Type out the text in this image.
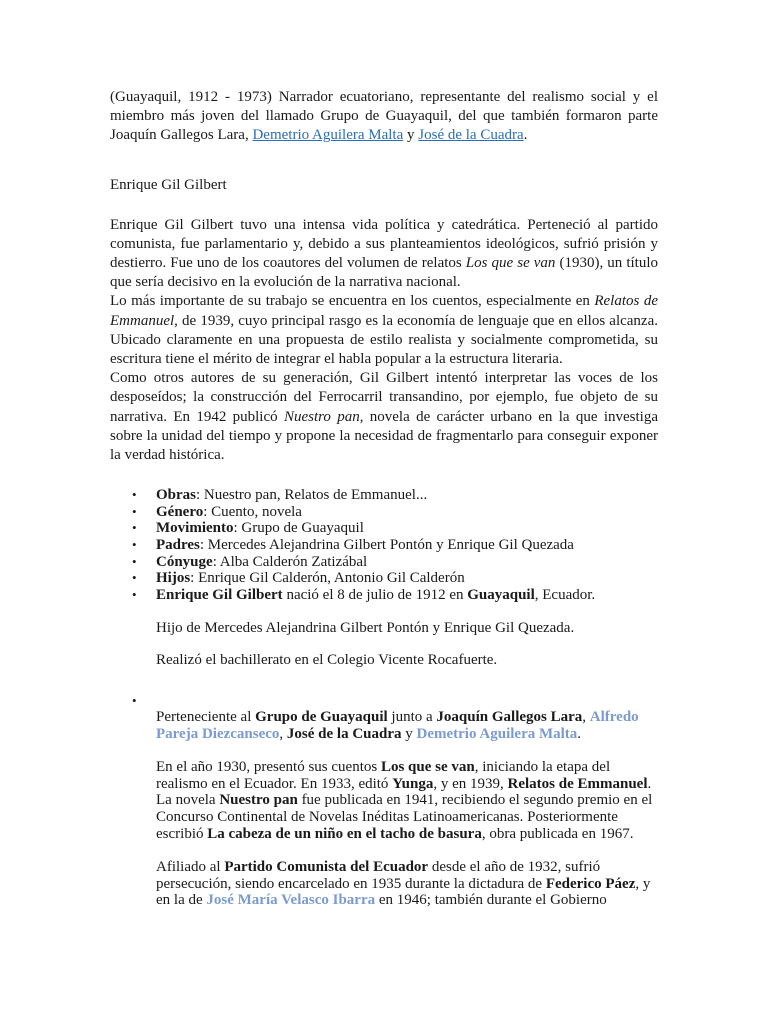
(Guayaquil, 1912 - 1973) Narrador ecuatoriano, representante del realismo social y el miembro más joven del llamado Grupo de Guayaquil, del que también formaron parte Joaquín Gallegos Lara, Demetrio Aguilera Malta y José de la Cuadra.

Enrique Gil Gilbert

Enrique Gil Gilbert tuvo una intensa vida política y catedrática. Perteneció al partido comunista, fue parlamentario y, debido a sus planteamientos ideológicos, sufrió prisión y destierro. Fue uno de los coautores del volumen de relatos Los que se van (1930), un título que sería decisivo en la evolución de la narrativa nacional.

Lo más importante de su trabajo se encuentra en los cuentos, especialmente en Relatos de Emmanuel, de 1939, cuyo principal rasgo es la economía de lenguaje que en ellos alcanza. Ubicado claramente en una propuesta de estilo realista y socialmente comprometida, su escritura tiene el mérito de integrar el habla popular a la estructura literaria.

Como otros autores de su generación, Gil Gilbert intentó interpretar las voces de los desposeídos; la construcción del Ferrocarril transandino, por ejemplo, fue objeto de su narrativa. En 1942 publicó Nuestro pan, novela de carácter urbano en la que investiga sobre la unidad del tiempo y propone la necesidad de fragmentarlo para conseguir exponer la verdad histórica.

• Obras: Nuestro pan, Relatos de Emmanuel...
• Género: Cuento, novela
• Movimiento: Grupo de Guayaquil
• Padres: Mercedes Alejandrina Gilbert Pontón y Enrique Gil Quezada
• Cónyuge: Alba Calderón Zatizábal
• Hijos: Enrique Gil Calderón, Antonio Gil Calderón
• Enrique Gil Gilbert nació el 8 de julio de 1912 en Guayaquil, Ecuador.

Hijo de Mercedes Alejandrina Gilbert Pontón y Enrique Gil Quezada.

Realizó el bachillerato en el Colegio Vicente Rocafuerte.

•

Perteneciente al Grupo de Guayaquil junto a Joaquín Gallegos Lara, Alfredo Pareja Diezcanseco, José de la Cuadra y Demetrio Aguilera Malta.

En el año 1930, presentó sus cuentos Los que se van, iniciando la etapa del realismo en el Ecuador. En 1933, editó Yunga, y en 1939, Relatos de Emmanuel. La novela Nuestro pan fue publicada en 1941, recibiendo el segundo premio en el Concurso Continental de Novelas Inéditas Latinoamericanas. Posteriormente escribió La cabeza de un niño en el tacho de basura, obra publicada en 1967.

Afiliado al Partido Comunista del Ecuador desde el año de 1932, sufrió persecución, siendo encarcelado en 1935 durante la dictadura de Federico Páez, y en la de José María Velasco Ibarra en 1946; también durante el Gobierno
